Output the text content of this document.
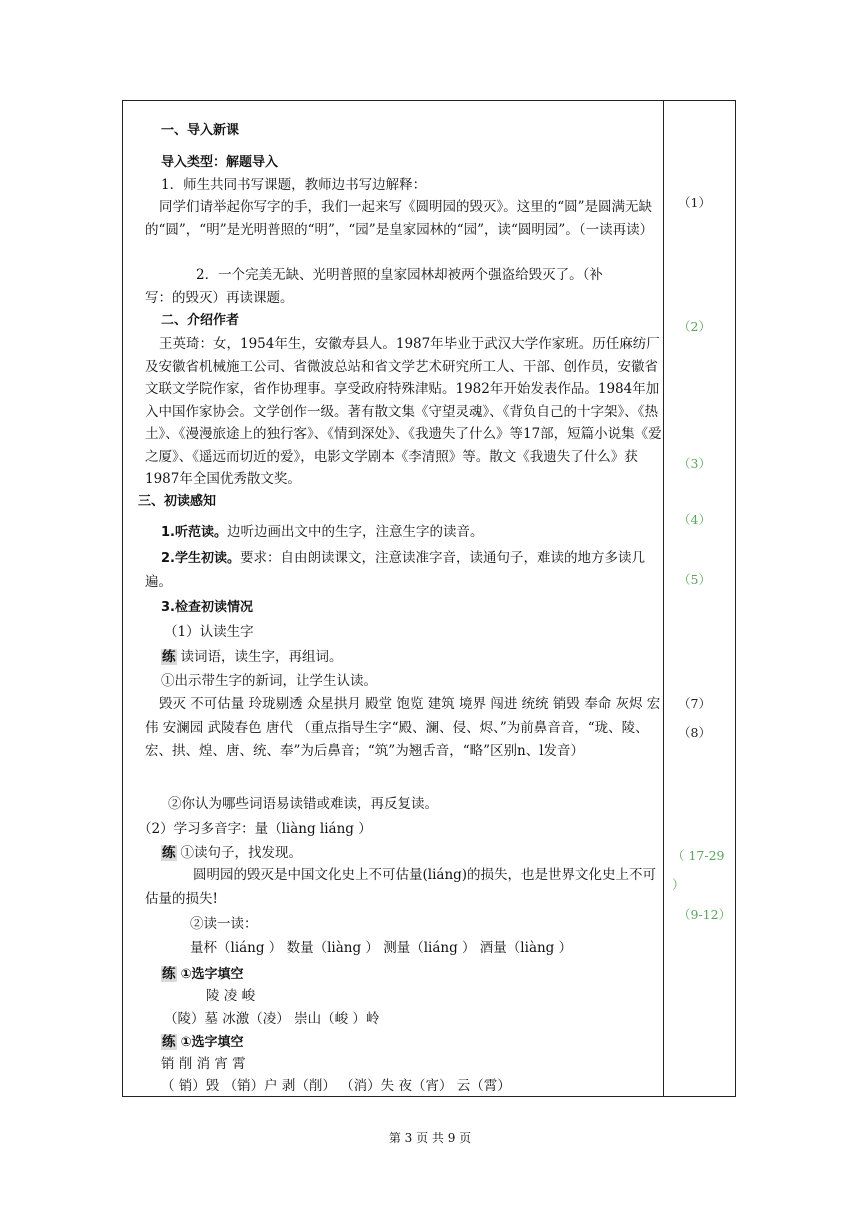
一、导入新课
导入类型：解题导入
1．师生共同书写课题，教师边书写边解释：
同学们请举起你写字的手，我们一起来写《圆明园的毁灭》。这里的“圆”是圆满无缺的“圆”，“明”是光明普照的“明”，“园”是皇家园林的“园”，读“圆明园”。（一读再读）
2．一个完美无缺、光明普照的皇家园林却被两个强盗给毁灭了。（补
写：的毁灭）再读课题。
二、介绍作者
王英琦：女，1954年生，安徽寿县人。1987年毕业于武汉大学作家班。历任麻纺厂及安徽省机械施工公司、省微波总站和省文学艺术研究所工人、干部、创作员，安徽省文联文学院作家，省作协理事。享受政府特殊津贴。1982年开始发表作品。1984年加入中国作家协会。文学创作一级。著有散文集《守望灵魂》、《背负自己的十字架》、《热土》、《漫漫旅途上的独行客》、《情到深处》、《我遗失了什么》等17部，短篇小说集《爱之厦》、《遥远而切近的爱》，电影文学剧本《李清照》等。散文《我遗失了什么》获1987年全国优秀散文奖。
三、初读感知
1.听范读。边听边画出文中的生字，注意生字的读音。
2.学生初读。要求：自由朗读课文，注意读准字音，读通句子，难读的地方多读几遍。
3.检查初读情况
（1）认读生字
练 读词语，读生字，再组词。
①出示带生字的新词，让学生认读。
毁灭 不可估量 玲珑剔透 众星拱月 殿堂 饱览 建筑 境界 闯进 统统 销毁 奉命 灰烬 宏伟 安澜园 武陵春色 唐代 （重点指导生字“殿、澜、侵、烬、”为前鼻音音，“珑、陵、宏、拱、煌、唐、统、奉”为后鼻音；“筑”为翘舌音，“略”区别n、l发音）
②你认为哪些词语易读错或难读，再反复读。
（2）学习多音字：量（liàng liáng ）
练 ①读句子，找发现。
圆明园的毁灭是中国文化史上不可估量(liáng)的损失，也是世界文化史上不可估量的损失!
②读一读：
量杯（liáng ） 数量（liàng ） 测量（liáng ） 酒量（liàng ）
练 ①选字填空
陵 凌 峻
（陵）墓 冰激（凌） 崇山（峻 ）岭
练 ①选字填空
销 削 消 宵 霄
（ 销）毁 （销）户 剥（削） （消）失 夜（宵） 云（霄）
（1）
（2）
（3）
（4）
（5）
（7）
（8）
（ 17-29
）
（9-12）
第 3 页 共 9 页
